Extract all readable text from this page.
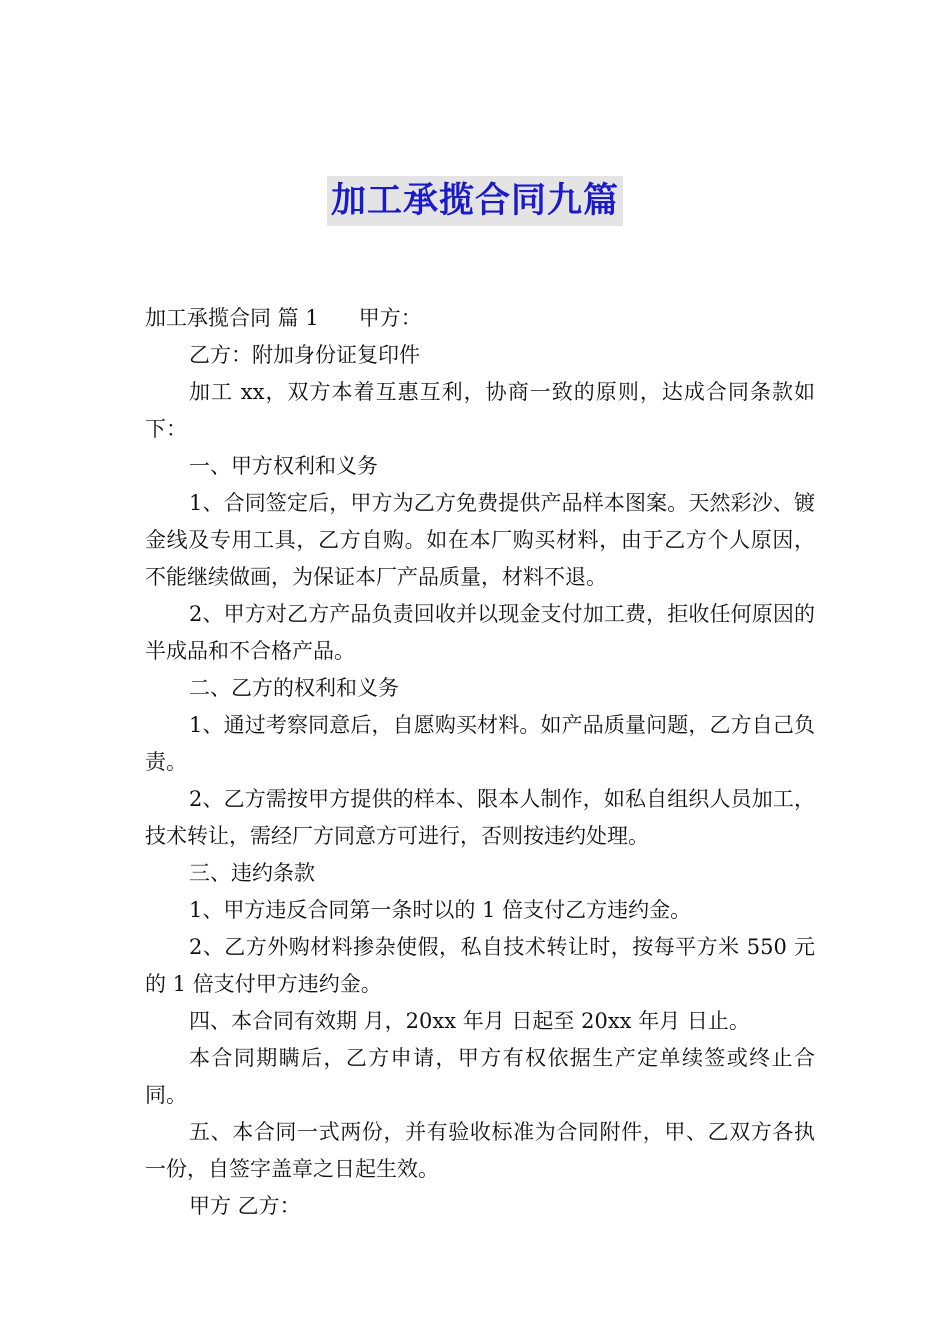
加工承揽合同九篇

加工承揽合同 篇 1 甲方：

乙方：附加身份证复印件

加工 xx，双方本着互惠互利，协商一致的原则，达成合同条款如下：

一、甲方权利和义务

1、合同签定后，甲方为乙方免费提供产品样本图案。天然彩沙、镀金线及专用工具，乙方自购。如在本厂购买材料，由于乙方个人原因，不能继续做画，为保证本厂产品质量，材料不退。

2、甲方对乙方产品负责回收并以现金支付加工费，拒收任何原因的半成品和不合格产品。

二、乙方的权利和义务

1、通过考察同意后，自愿购买材料。如产品质量问题，乙方自己负责。

2、乙方需按甲方提供的样本、限本人制作，如私自组织人员加工，技术转让，需经厂方同意方可进行，否则按违约处理。

三、违约条款

1、甲方违反合同第一条时以的 1 倍支付乙方违约金。

2、乙方外购材料掺杂使假，私自技术转让时，按每平方米 550 元的 1 倍支付甲方违约金。

四、本合同有效期 月，20xx 年月 日起至 20xx 年月 日止。

本合同期瞒后，乙方申请，甲方有权依据生产定单续签或终止合同。

五、本合同一式两份，并有验收标准为合同附件，甲、乙双方各执一份，自签字盖章之日起生效。

甲方 乙方：
